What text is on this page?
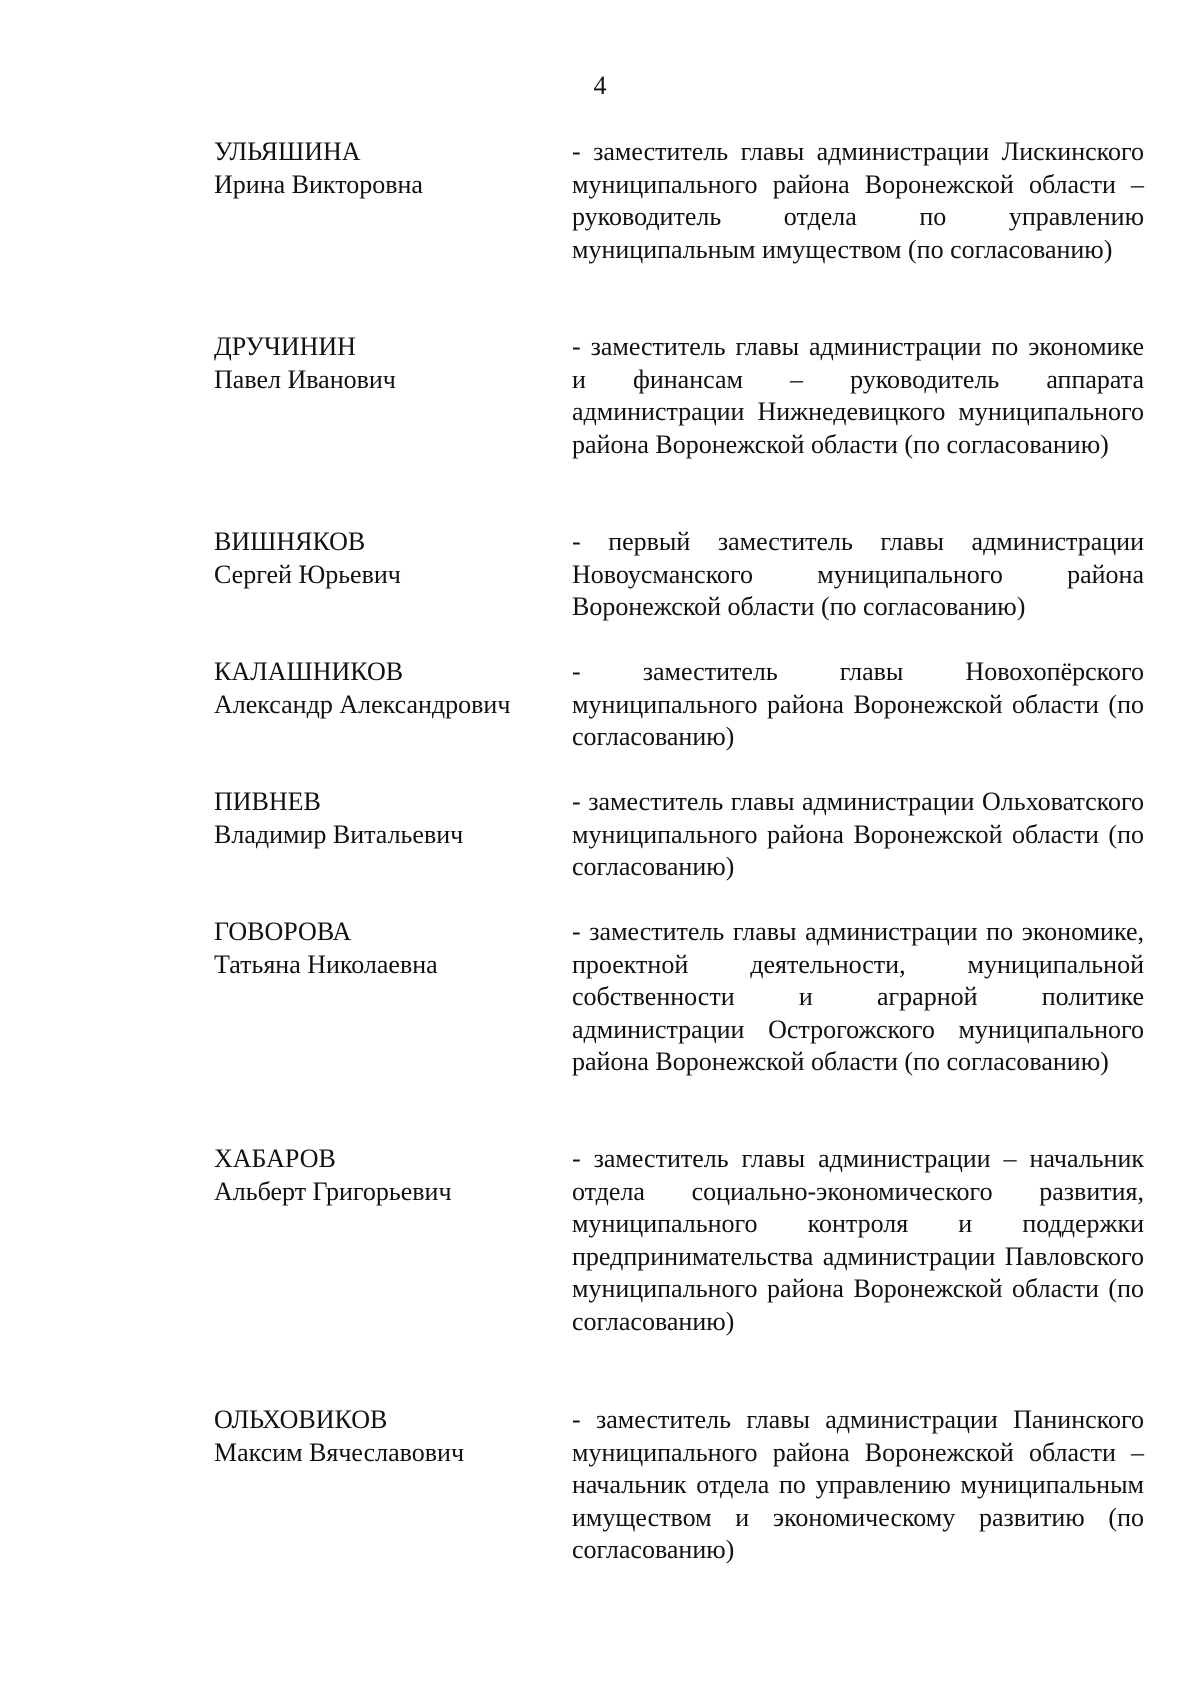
4
УЛЬЯШИНА
Ирина Викторовна
- заместитель главы администрации Лискинского муниципального района Воронежской области – руководитель отдела по управлению муниципальным имуществом (по согласованию)
ДРУЧИНИН
Павел Иванович
- заместитель главы администрации по экономике и финансам – руководитель аппарата администрации Нижнедевицкого муниципального района Воронежской области (по согласованию)
ВИШНЯКОВ
Сергей Юрьевич
- первый заместитель главы администрации Новоусманского муниципального района Воронежской области (по согласованию)
КАЛАШНИКОВ
Александр Александрович
- заместитель главы Новохопёрского муниципального района Воронежской области (по согласованию)
ПИВНЕВ
Владимир Витальевич
- заместитель главы администрации Ольховатского муниципального района Воронежской области (по согласованию)
ГОВОРОВА
Татьяна Николаевна
- заместитель главы администрации по экономике, проектной деятельности, муниципальной собственности и аграрной политике администрации Острогожского муниципального района Воронежской области (по согласованию)
ХАБАРОВ
Альберт Григорьевич
- заместитель главы администрации – начальник отдела социально-экономического развития, муниципального контроля и поддержки предпринимательства администрации Павловского муниципального района Воронежской области (по согласованию)
ОЛЬХОВИКОВ
Максим Вячеславович
- заместитель главы администрации Панинского муниципального района Воронежской области – начальник отдела по управлению муниципальным имуществом и экономическому развитию (по согласованию)
